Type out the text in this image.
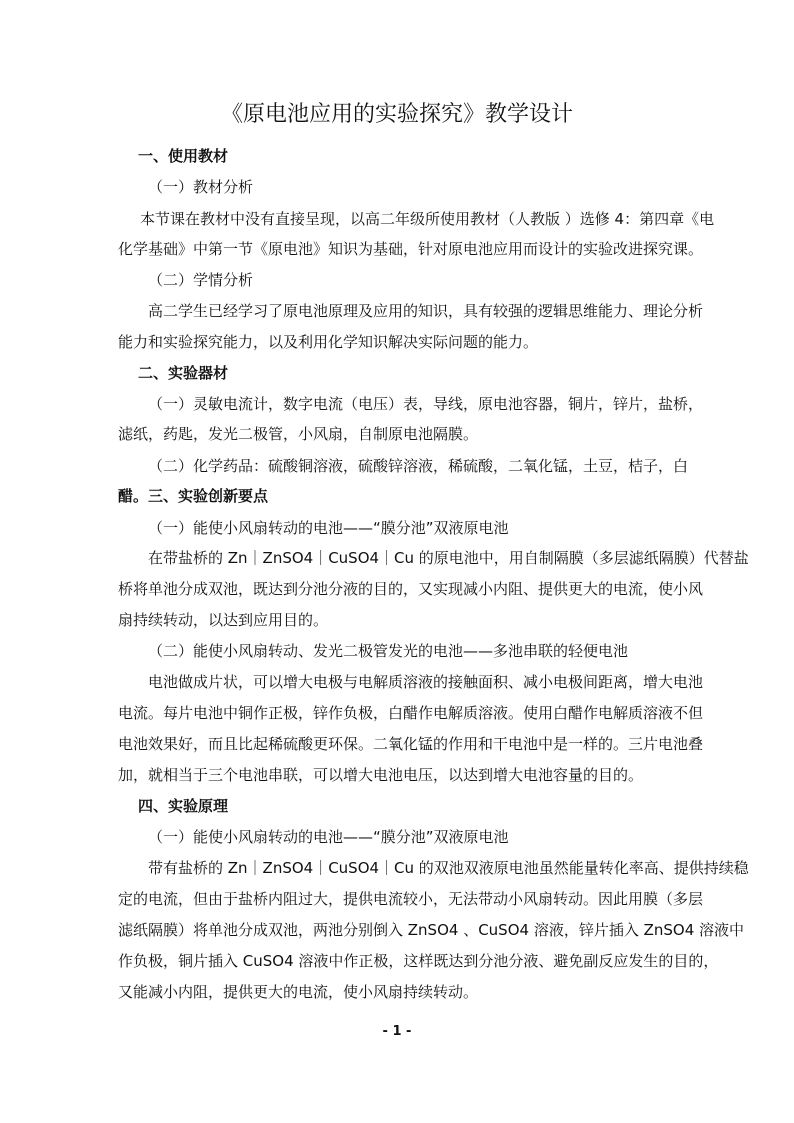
《原电池应用的实验探究》教学设计
一、使用教材
（一）教材分析
本节课在教材中没有直接呈现，以高二年级所使用教材（人教版 ）选修 4：第四章《电
化学基础》中第一节《原电池》知识为基础，针对原电池应用而设计的实验改进探究课。
（二）学情分析
高二学生已经学习了原电池原理及应用的知识，具有较强的逻辑思维能力、理论分析
能力和实验探究能力，以及利用化学知识解决实际问题的能力。
二、实验器材
（一）灵敏电流计，数字电流（电压）表，导线，原电池容器，铜片，锌片，盐桥，
滤纸，药匙，发光二极管，小风扇，自制原电池隔膜。
（二）化学药品：硫酸铜溶液，硫酸锌溶液，稀硫酸，二氧化锰，土豆，桔子，白
醋。三、实验创新要点
（一）能使小风扇转动的电池——“膜分池”双液原电池
在带盐桥的 Zn｜ZnSO4｜CuSO4｜Cu 的原电池中，用自制隔膜（多层滤纸隔膜）代替盐
桥将单池分成双池，既达到分池分液的目的，又实现减小内阻、提供更大的电流，使小风
扇持续转动，以达到应用目的。
（二）能使小风扇转动、发光二极管发光的电池——多池串联的轻便电池
电池做成片状，可以增大电极与电解质溶液的接触面积、减小电极间距离，增大电池
电流。每片电池中铜作正极，锌作负极，白醋作电解质溶液。使用白醋作电解质溶液不但
电池效果好，而且比起稀硫酸更环保。二氧化锰的作用和干电池中是一样的。三片电池叠
加，就相当于三个电池串联，可以增大电池电压，以达到增大电池容量的目的。
四、实验原理
（一）能使小风扇转动的电池——“膜分池”双液原电池
带有盐桥的 Zn｜ZnSO4｜CuSO4｜Cu 的双池双液原电池虽然能量转化率高、提供持续稳
定的电流，但由于盐桥内阻过大，提供电流较小，无法带动小风扇转动。因此用膜（多层
滤纸隔膜）将单池分成双池，两池分别倒入 ZnSO4 、CuSO4 溶液，锌片插入 ZnSO4 溶液中
作负极，铜片插入 CuSO4 溶液中作正极，这样既达到分池分液、避免副反应发生的目的，
又能减小内阻，提供更大的电流，使小风扇持续转动。
- 1 -
